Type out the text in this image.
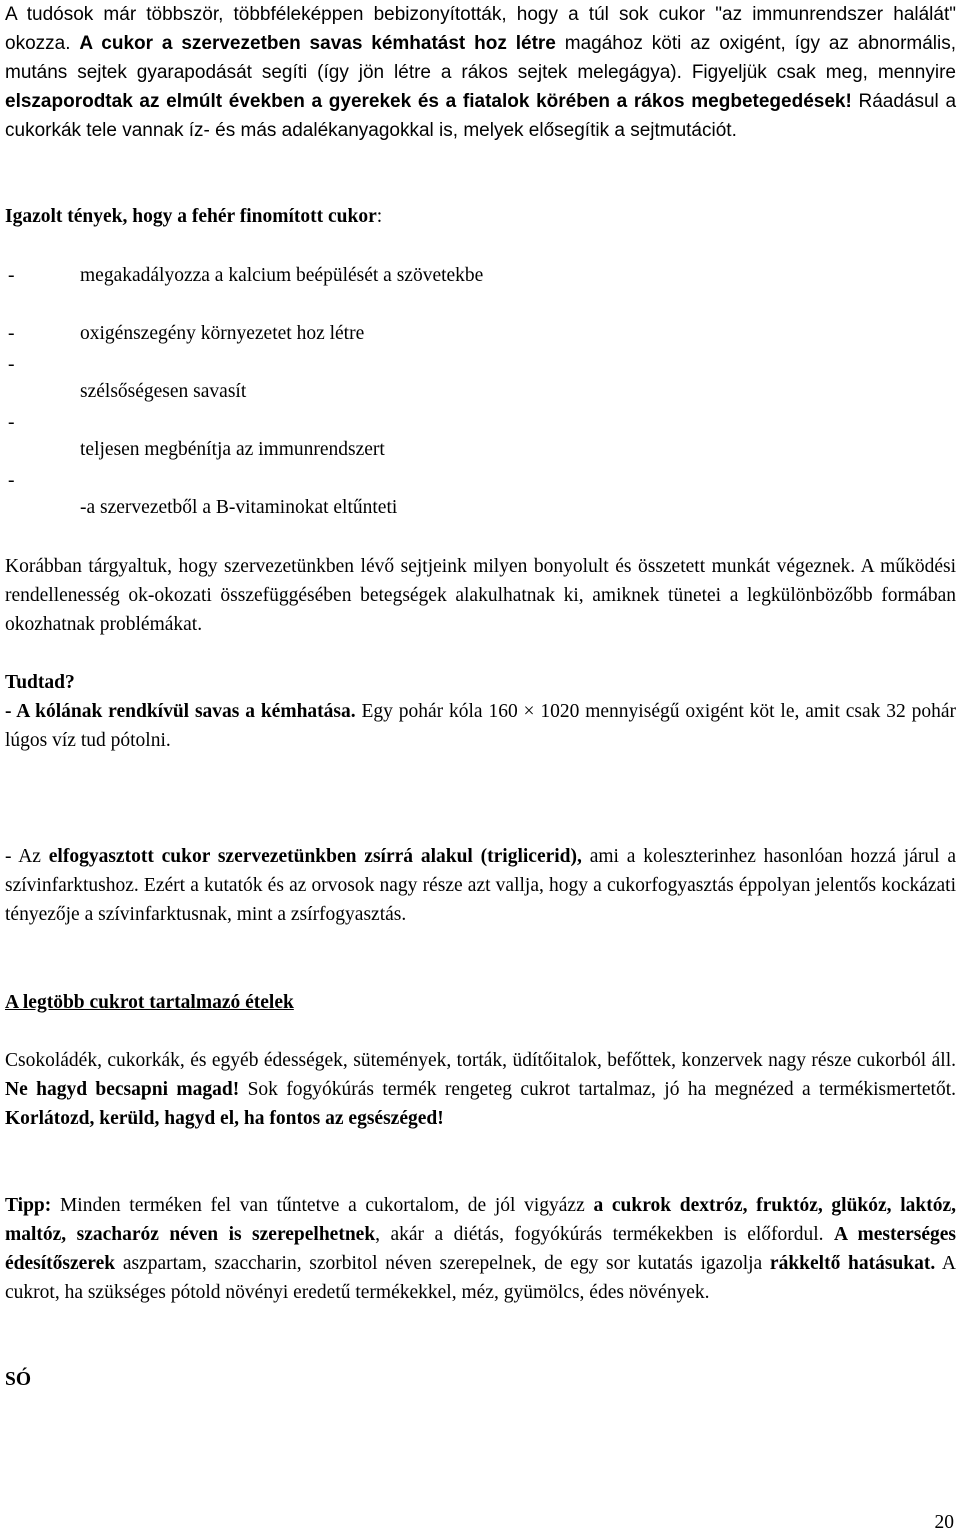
A tudósok már többször, többféleképpen bebizonyították, hogy a túl sok cukor "az immunrendszer halálát" okozza. A cukor a szervezetben savas kémhatást hoz létre magához köti az oxigént, így az abnormális, mutáns sejtek gyarapodását segíti (így jön létre a rákos sejtek melegágya). Figyeljük csak meg, mennyire elszaporodtak az elmúlt években a gyerekek és a fiatalok körében a rákos megbetegedések! Ráadásul a cukorkák tele vannak íz- és más adalékanyagokkal is, melyek elősegítik a sejtmutációt.

Igazolt tények, hogy a fehér finomított cukor:

-	megakadályozza a kalcium beépülését a szövetekbe
-	oxigénszegény környezetet hoz létre
-
szélsőségesen savasít
-
teljesen megbénítja az immunrendszert
-
-a szervezetből a B-vitaminokat eltűnteti

Korábban tárgyaltuk, hogy szervezetünkben lévő sejtjeink milyen bonyolult és összetett munkát végeznek. A működési rendellenesség ok-okozati összefüggésében betegségek alakulhatnak ki, amiknek tünetei a legkülönbözőbb formában okozhatnak problémákat.

Tudtad?

- A kólának rendkívül savas a kémhatása. Egy pohár kóla 160 × 1020 mennyiségű oxigént köt le, amit csak 32 pohár lúgos víz tud pótolni.

- Az elfogyasztott cukor szervezetünkben zsírrá alakul (triglicerid), ami a koleszterinhez hasonlóan hozzá járul a szívinfarktushoz. Ezért a kutatók és az orvosok nagy része azt vallja, hogy a cukorfogyasztás éppolyan jelentős kockázati tényezője a szívinfarktusnak, mint a zsírfogyasztás.

A legtöbb cukrot tartalmazó ételek

Csokoládék, cukorkák, és egyéb édességek, sütemények, torták, üdítőitalok, befőttek, konzervek nagy része cukorból áll. Ne hagyd becsapni magad! Sok fogyókúrás termék rengeteg cukrot tartalmaz, jó ha megnézed a termékismertetőt. Korlátozd, kerüld, hagyd el, ha fontos az egsészéged!

Tipp: Minden terméken fel van tűntetve a cukortalom, de jól vigyázz a cukrok dextróz, fruktóz, glükóz, laktóz, maltóz, szacharóz néven is szerepelhetnek, akár a diétás, fogyókúrás termékekben is előfordul. A mesterséges édesítőszerek aszpartam, szaccharin, szorbitol néven szerepelnek, de egy sor kutatás igazolja rákkeltő hatásukat. A cukrot, ha szükséges pótold növényi eredetű termékekkel, méz, gyümölcs, édes növények.

SÓ

20
